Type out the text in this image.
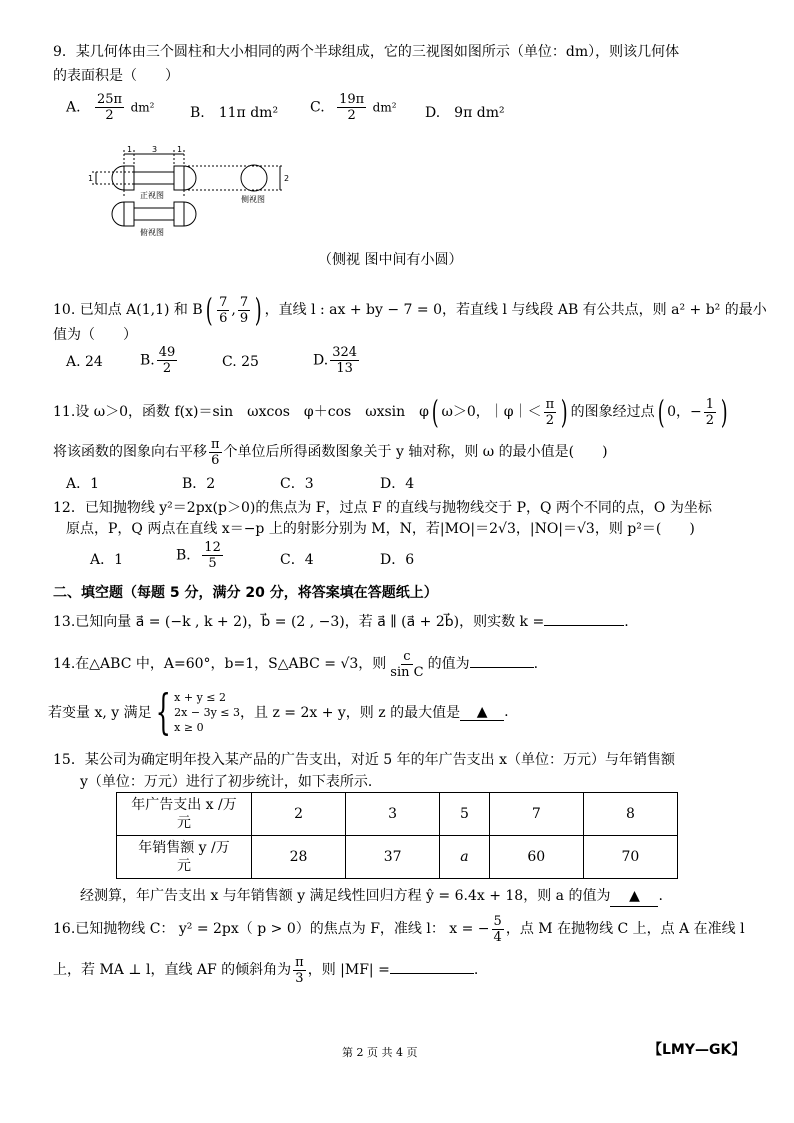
9．某几何体由三个圆柱和大小相同的两个半球组成，它的三视图如图所示（单位：dm），则该几何体
的表面积是（　　）
A. $\frac{25\pi}{2} dm^2$	B.　11π dm² C. $\frac{19\pi}{2} dm^2$ D.　9π dm²
1 3 1
1	2
正视图	侧视图
俯视图
（侧视 图中间有小圆）
10. 已知点 A(1,1) 和 $B( \frac{7}{6}$ , $\frac{7}{9}$ ) ，直线 l : ax + by − 7 = 0，若直线 l 与线段 AB 有公共点，则 a² + b² 的最小
值为（　　）
A. 24	B. $\frac{49}{2}$	C. 25	D. $\frac{324}{13}$
11.设 ω＞0，函数 f(x)＝sin　ωxcos　φ＋cos　ωxsin　φ( ω＞0，｜φ｜＜ $\frac{\pi}{2}$ ) 的图象经过点( 0，− $\frac{1}{2}$ )
将该函数的图象向右平移 $\frac{\pi}{6}$ 个单位后所得函数图象关于 y 轴对称，则 ω 的最小值是(　　)
A．1	B．2	C．3	D．4
12．已知抛物线 y²＝2px(p＞0)的焦点为 F，过点 F 的直线与抛物线交于 P，Q 两个不同的点，O 为坐标
原点，P，Q 两点在直线 x＝−p 上的射影分别为 M，N，若|MO|＝2√3，|NO|＝√3，则 p²＝(　　)
A．1	B． $\frac{12}{5}$	C．4	D．6
二、填空题（每题 5 分，满分 20 分，将答案填在答题纸上）
13.已知向量 a⃗ = (−k , k + 2)，b⃗ = (2 , −3)，若 a⃗ ∥ (a⃗ + 2b⃗)，则实数 k =	.
14.在△ABC 中，A=60°，b=1，S△ABC = √3，则 $\frac{c}{\text{sin C}}$ 的值为	.
若变量 x, y 满足 { x + y ≤ 2
2x − 3y ≤ 3
x ≥ 0
，且 z = 2x + y，则 z 的最大值是	▲	.
15．某公司为确定明年投入某产品的广告支出，对近 5 年的年广告支出 x（单位：万元）与年销售额
y（单位：万元）进行了初步统计，如下表所示．
年广告支出 x /万
元	2	3	5	7	8
年销售额 y /万
元	28	37	a	60	70
经测算，年广告支出 x 与年销售额 y 满足线性回归方程 ŷ = 6.4x + 18，则 a 的值为 ▲ .
16.已知抛物线 C： y² = 2px（ p > 0）的焦点为 F，准线 l： x = − $\frac{5}{4}$ ，点 M 在抛物线 C 上，点 A 在准线 l
上，若 MA ⊥ l，直线 AF 的倾斜角为 $\frac{\pi}{3}$ ，则 |MF| =	.
第 2 页 共 4 页	【LMY—GK】
